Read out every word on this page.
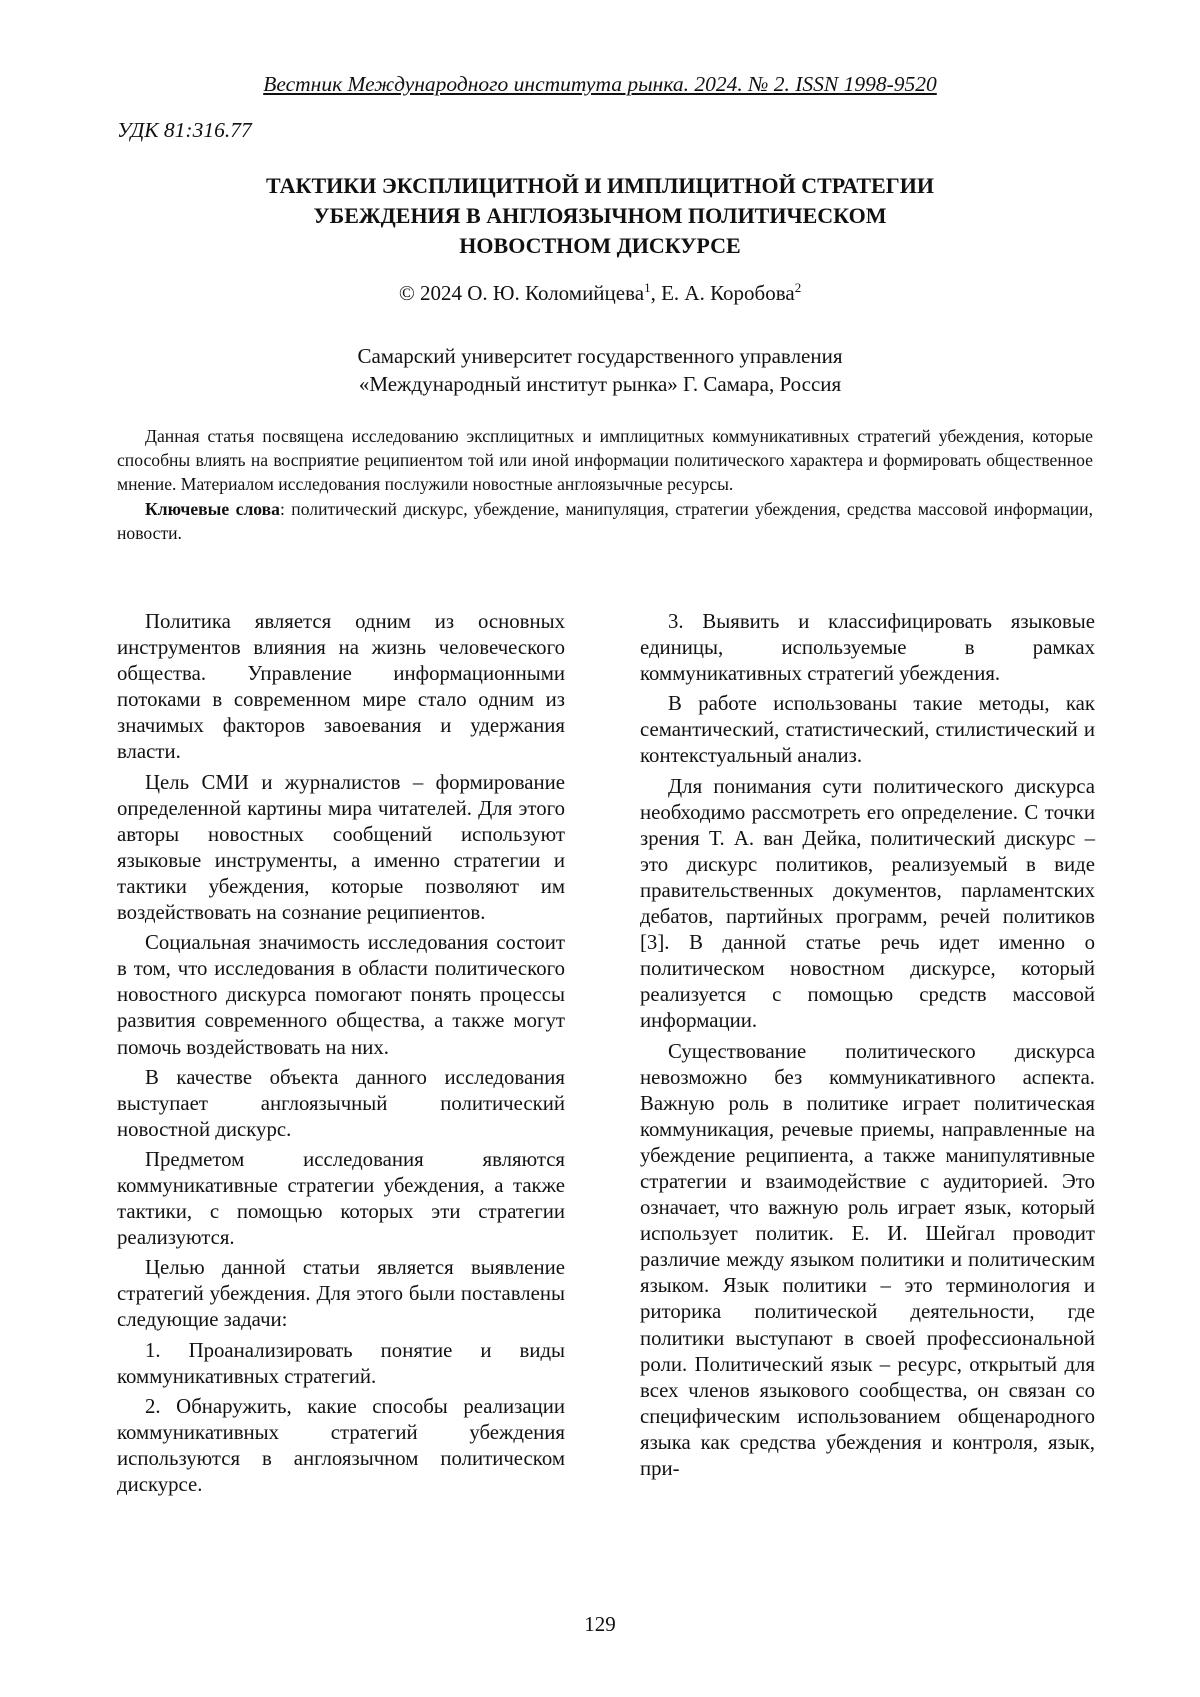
Вестник Международного института рынка. 2024. № 2. ISSN 1998-9520
УДК 81:316.77
ТАКТИКИ ЭКСПЛИЦИТНОЙ И ИМПЛИЦИТНОЙ СТРАТЕГИИ
УБЕЖДЕНИЯ В АНГЛОЯЗЫЧНОМ ПОЛИТИЧЕСКОМ
НОВОСТНОМ ДИСКУРСЕ
© 2024 О. Ю. Коломийцева$^1$, Е. А. Коробова$^2$
Самарский университет государственного управления
«Международный институт рынка» Г. Самара, Россия

Данная статья посвящена исследованию эксплицитных и имплицитных коммуникативных стратегий убеждения, которые способны влиять на восприятие реципиентом той или иной информации политического характера и формировать общественное мнение. Материалом исследования послужили новостные англоязычные ресурсы.

Ключевые слова: политический дискурс, убеждение, манипуляция, стратегии убеждения, средства массовой информации, новости.

Политика является одним из основных инструментов влияния на жизнь человеческого общества. Управление информационными потоками в современном мире стало одним из значимых факторов завоевания и удержания власти.

Цель СМИ и журналистов – формирование определенной картины мира читателей. Для этого авторы новостных сообщений используют языковые инструменты, а именно стратегии и тактики убеждения, которые позволяют им воздействовать на сознание реципиентов.

Социальная значимость исследования состоит в том, что исследования в области политического новостного дискурса помогают понять процессы развития современного общества, а также могут помочь воздействовать на них.

В качестве объекта данного исследования выступает англоязычный политический новостной дискурс.

Предметом исследования являются коммуникативные стратегии убеждения, а также тактики, с помощью которых эти стратегии реализуются.

Целью данной статьи является выявление стратегий убеждения. Для этого были поставлены следующие задачи:

1. Проанализировать понятие и виды коммуникативных стратегий.

2. Обнаружить, какие способы реализации коммуникативных стратегий убеждения используются в англоязычном политическом дискурсе.

3. Выявить и классифицировать языковые единицы, используемые в рамках коммуникативных стратегий убеждения.

В работе использованы такие методы, как семантический, статистический, стилистический и контекстуальный анализ.

Для понимания сути политического дискурса необходимо рассмотреть его определение. С точки зрения Т. А. ван Дейка, политический дискурс – это дискурс политиков, реализуемый в виде правительственных документов, парламентских дебатов, партийных программ, речей политиков [3]. В данной статье речь идет именно о политическом новостном дискурсе, который реализуется с помощью средств массовой информации.

Существование политического дискурса невозможно без коммуникативного аспекта. Важную роль в политике играет политическая коммуникация, речевые приемы, направленные на убеждение реципиента, а также манипулятивные стратегии и взаимодействие с аудиторией. Это означает, что важную роль играет язык, который использует политик. Е. И. Шейгал проводит различие между языком политики и политическим языком. Язык политики – это терминология и риторика политической деятельности, где политики выступают в своей профессиональной роли. Политический язык – ресурс, открытый для всех членов языкового сообщества, он связан со специфическим использованием общенародного языка как средства убеждения и контроля, язык, при-

129
